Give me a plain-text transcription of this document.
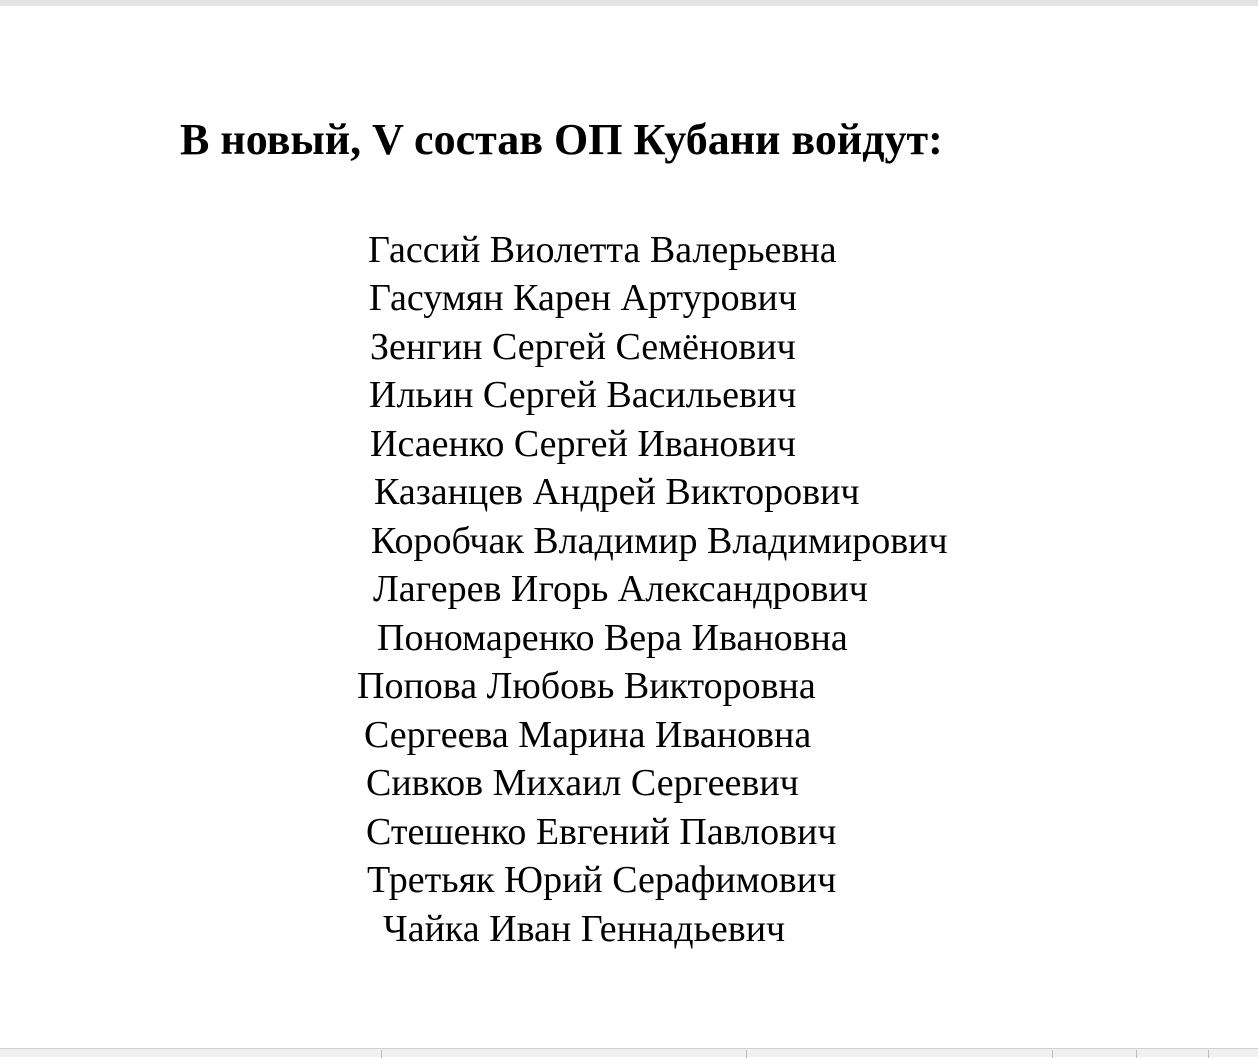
В новый, V состав ОП Кубани войдут:
Гассий Виолетта Валерьевна
Гасумян Карен Артурович
Зенгин Сергей Семёнович
Ильин Сергей Васильевич
Исаенко Сергей Иванович
Казанцев Андрей Викторович
Коробчак Владимир Владимирович
Лагерев Игорь Александрович
Пономаренко Вера Ивановна
Попова Любовь Викторовна
Сергеева Марина Ивановна
Сивков Михаил Сергеевич
Стешенко Евгений Павлович
Третьяк Юрий Серафимович
Чайка Иван Геннадьевич
